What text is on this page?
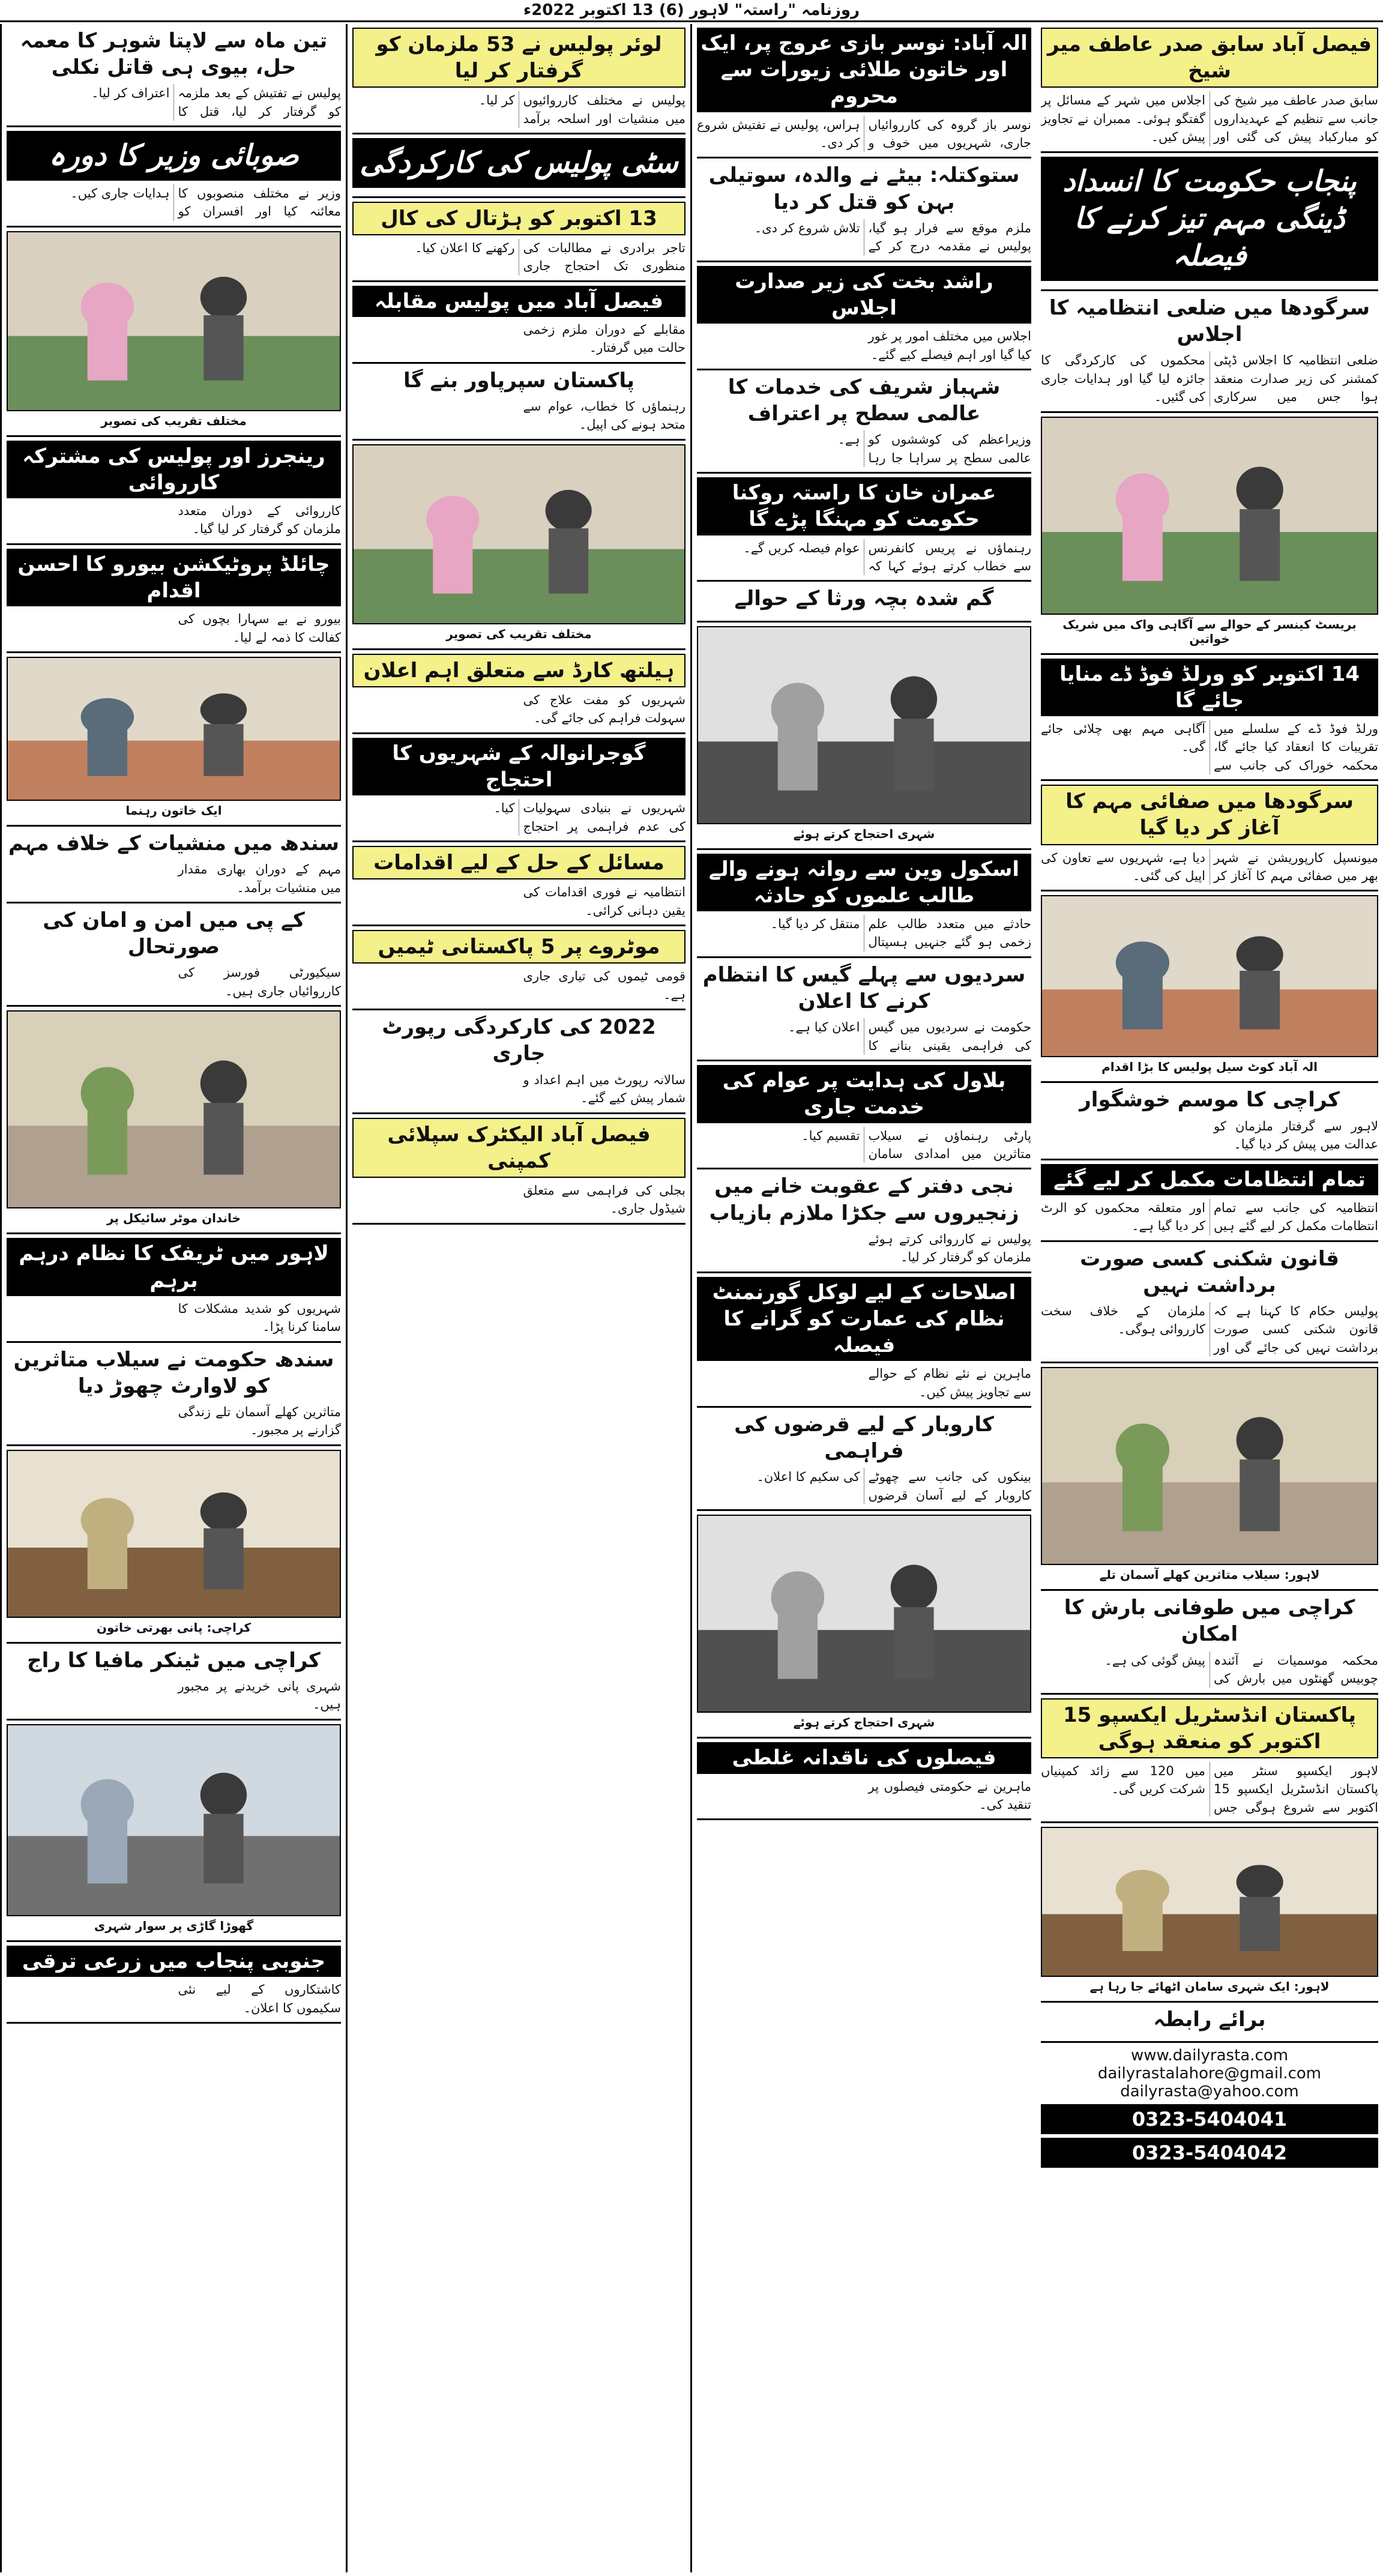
روزنامہ "راستہ" لاہور (6) 13 اکتوبر 2022ء
فیصل آباد سابق صدر عاطف میر شیخ
سابق صدر عاطف میر شیخ کی جانب سے تنظیم کے عہدیداروں کو مبارکباد پیش کی گئی اور اجلاس میں شہر کے مسائل پر گفتگو ہوئی۔ ممبران نے تجاویز پیش کیں۔
پنجاب حکومت کا انسداد ڈینگی مہم تیز کرنے کا فیصلہ
سرگودھا میں ضلعی انتظامیہ کا اجلاس
ضلعی انتظامیہ کا اجلاس ڈپٹی کمشنر کی زیر صدارت منعقد ہوا جس میں سرکاری محکموں کی کارکردگی کا جائزہ لیا گیا اور ہدایات جاری کی گئیں۔
بریسٹ کینسر کے حوالے سے آگاہی واک میں شریک خواتین
14 اکتوبر کو ورلڈ فوڈ ڈے منایا جائے گا
ورلڈ فوڈ ڈے کے سلسلے میں تقریبات کا انعقاد کیا جائے گا، محکمہ خوراک کی جانب سے آگاہی مہم بھی چلائی جائے گی۔
سرگودھا میں صفائی مہم کا آغاز کر دیا گیا
میونسپل کارپوریشن نے شہر بھر میں صفائی مہم کا آغاز کر دیا ہے، شہریوں سے تعاون کی اپیل کی گئی۔
الہ آباد کوٹ سیل پولیس کا بڑا اقدام
کراچی کا موسم خوشگوار
لاہور سے گرفتار ملزمان کو عدالت میں پیش کر دیا گیا۔
تمام انتظامات مکمل کر لیے گئے
انتظامیہ کی جانب سے تمام انتظامات مکمل کر لیے گئے ہیں اور متعلقہ محکموں کو الرٹ کر دیا گیا ہے۔
قانون شکنی کسی صورت برداشت نہیں
پولیس حکام کا کہنا ہے کہ قانون شکنی کسی صورت برداشت نہیں کی جائے گی اور ملزمان کے خلاف سخت کارروائی ہوگی۔
لاہور: سیلاب متاثرین کھلے آسمان تلے
کراچی میں طوفانی بارش کا امکان
محکمہ موسمیات نے آئندہ چوبیس گھنٹوں میں بارش کی پیش گوئی کی ہے۔
پاکستان انڈسٹریل ایکسپو 15 اکتوبر کو منعقد ہوگی
لاہور ایکسپو سنٹر میں پاکستان انڈسٹریل ایکسپو 15 اکتوبر سے شروع ہوگی جس میں 120 سے زائد کمپنیاں شرکت کریں گی۔
لاہور: ایک شہری سامان اٹھائے جا رہا ہے
برائے رابطہ
www.dailyrasta.com
dailyrastalahore@gmail.com
dailyrasta@yahoo.com
0323-5404041
0323-5404042
الہ آباد: نوسر بازی عروج پر، ایک اور خاتون طلائی زیورات سے محروم
نوسر باز گروہ کی کارروائیاں جاری، شہریوں میں خوف و ہراس، پولیس نے تفتیش شروع کر دی۔
ستوکتلہ: بیٹے نے والدہ، سوتیلی بہن کو قتل کر دیا
ملزم موقع سے فرار ہو گیا، پولیس نے مقدمہ درج کر کے تلاش شروع کر دی۔
راشد بخت کی زیر صدارت اجلاس
اجلاس میں مختلف امور پر غور کیا گیا اور اہم فیصلے کیے گئے۔
شہباز شریف کی خدمات کا عالمی سطح پر اعتراف
وزیراعظم کی کوششوں کو عالمی سطح پر سراہا جا رہا ہے۔
عمران خان کا راستہ روکنا حکومت کو مہنگا پڑے گا
رہنماؤں نے پریس کانفرنس سے خطاب کرتے ہوئے کہا کہ عوام فیصلہ کریں گے۔
گم شدہ بچہ ورثا کے حوالے
شہری احتجاج کرتے ہوئے
اسکول وین سے روانہ ہونے والے طالب علموں کو حادثہ
حادثے میں متعدد طالب علم زخمی ہو گئے جنہیں ہسپتال منتقل کر دیا گیا۔
سردیوں سے پہلے گیس کا انتظام کرنے کا اعلان
حکومت نے سردیوں میں گیس کی فراہمی یقینی بنانے کا اعلان کیا ہے۔
بلاول کی ہدایت پر عوام کی خدمت جاری
پارٹی رہنماؤں نے سیلاب متاثرین میں امدادی سامان تقسیم کیا۔
نجی دفتر کے عقوبت خانے میں زنجیروں سے جکڑا ملازم بازیاب
پولیس نے کارروائی کرتے ہوئے ملزمان کو گرفتار کر لیا۔
اصلاحات کے لیے لوکل گورنمنٹ نظام کی عمارت کو گرانے کا فیصلہ
ماہرین نے نئے نظام کے حوالے سے تجاویز پیش کیں۔
کاروبار کے لیے قرضوں کی فراہمی
بینکوں کی جانب سے چھوٹے کاروبار کے لیے آسان قرضوں کی سکیم کا اعلان۔
شہری احتجاج کرتے ہوئے
فیصلوں کی ناقدانہ غلطی
ماہرین نے حکومتی فیصلوں پر تنقید کی۔
لوئر پولیس نے 53 ملزمان کو گرفتار کر لیا
پولیس نے مختلف کارروائیوں میں منشیات اور اسلحہ برآمد کر لیا۔
سٹی پولیس کی کارکردگی
13 اکتوبر کو ہڑتال کی کال
تاجر برادری نے مطالبات کی منظوری تک احتجاج جاری رکھنے کا اعلان کیا۔
فیصل آباد میں پولیس مقابلہ
مقابلے کے دوران ملزم زخمی حالت میں گرفتار۔
پاکستان سپرپاور بنے گا
رہنماؤں کا خطاب، عوام سے متحد ہونے کی اپیل۔
مختلف تقریب کی تصویر
ہیلتھ کارڈ سے متعلق اہم اعلان
شہریوں کو مفت علاج کی سہولت فراہم کی جائے گی۔
گوجرانوالہ کے شہریوں کا احتجاج
شہریوں نے بنیادی سہولیات کی عدم فراہمی پر احتجاج کیا۔
مسائل کے حل کے لیے اقدامات
انتظامیہ نے فوری اقدامات کی یقین دہانی کرائی۔
موٹروے پر 5 پاکستانی ٹیمیں
قومی ٹیموں کی تیاری جاری ہے۔
2022 کی کارکردگی رپورٹ جاری
سالانہ رپورٹ میں اہم اعداد و شمار پیش کیے گئے۔
فیصل آباد الیکٹرک سپلائی کمپنی
بجلی کی فراہمی سے متعلق شیڈول جاری۔
تین ماہ سے لاپتا شوہر کا معمہ حل، بیوی ہی قاتل نکلی
پولیس نے تفتیش کے بعد ملزمہ کو گرفتار کر لیا، قتل کا اعتراف کر لیا۔
صوبائی وزیر کا دورہ
وزیر نے مختلف منصوبوں کا معائنہ کیا اور افسران کو ہدایات جاری کیں۔
مختلف تقریب کی تصویر
رینجرز اور پولیس کی مشترکہ کارروائی
کارروائی کے دوران متعدد ملزمان کو گرفتار کر لیا گیا۔
چائلڈ پروٹیکشن بیورو کا احسن اقدام
بیورو نے بے سہارا بچوں کی کفالت کا ذمہ لے لیا۔
ایک خاتون رہنما
سندھ میں منشیات کے خلاف مہم
مہم کے دوران بھاری مقدار میں منشیات برآمد۔
کے پی میں امن و امان کی صورتحال
سیکیورٹی فورسز کی کارروائیاں جاری ہیں۔
خاندان موٹر سائیکل پر
لاہور میں ٹریفک کا نظام درہم برہم
شہریوں کو شدید مشکلات کا سامنا کرنا پڑا۔
سندھ حکومت نے سیلاب متاثرین کو لاوارث چھوڑ دیا
متاثرین کھلے آسمان تلے زندگی گزارنے پر مجبور۔
کراچی: پانی بھرتی خاتون
کراچی میں ٹینکر مافیا کا راج
شہری پانی خریدنے پر مجبور ہیں۔
گھوڑا گاڑی پر سوار شہری
جنوبی پنجاب میں زرعی ترقی
کاشتکاروں کے لیے نئی سکیموں کا اعلان۔
